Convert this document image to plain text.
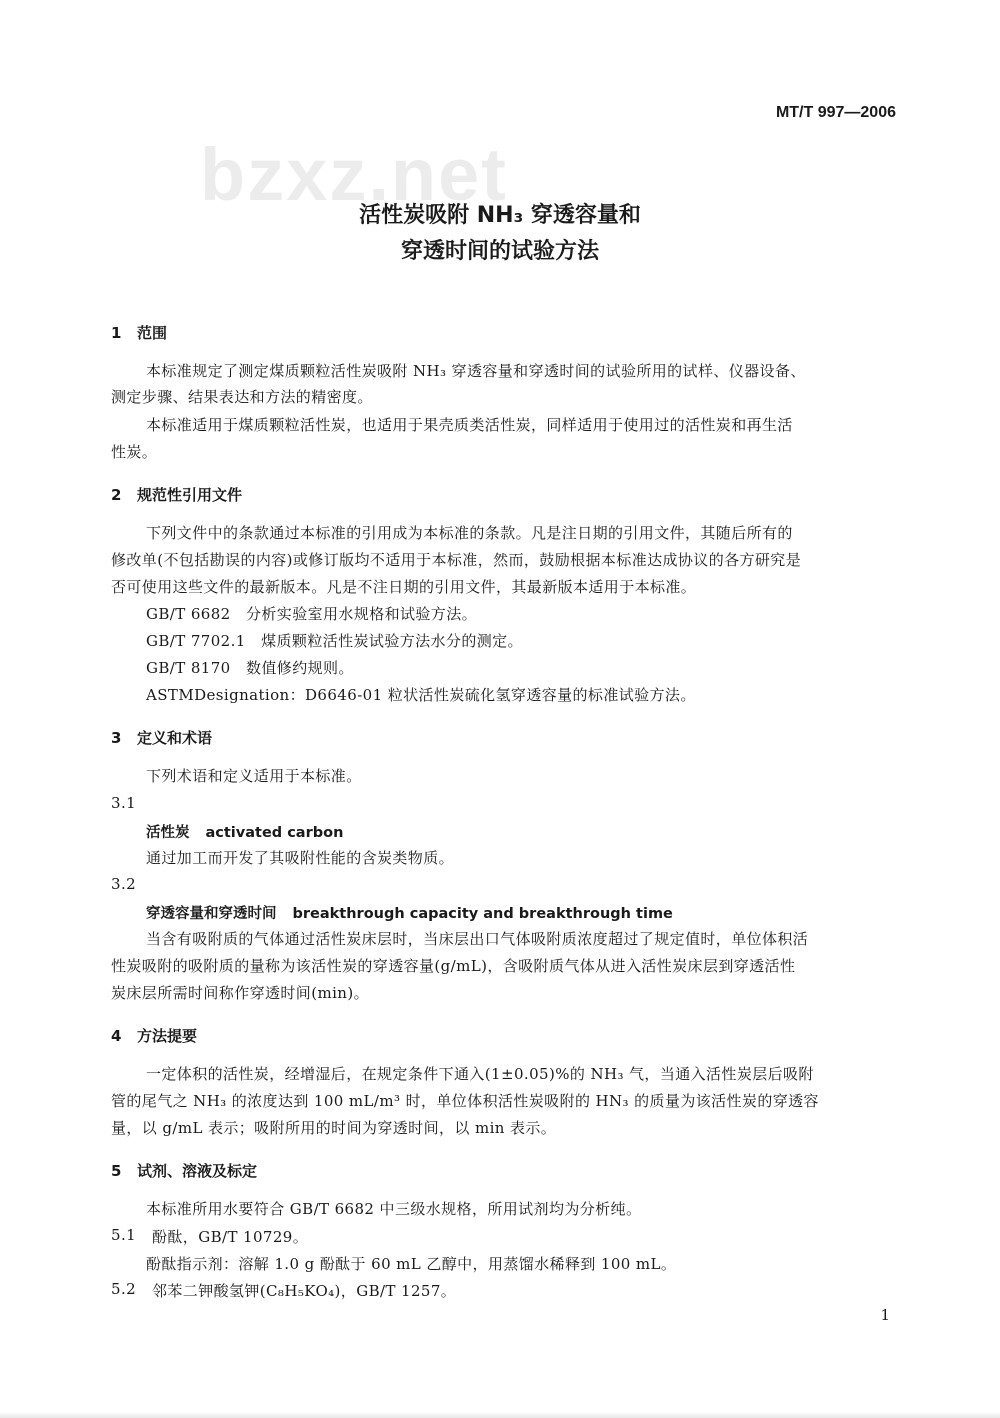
bzxz.net
MT/T 997—2006
活性炭吸附 NH₃ 穿透容量和
穿透时间的试验方法
1 范围
本标准规定了测定煤质颗粒活性炭吸附 NH₃ 穿透容量和穿透时间的试验所用的试样、仪器设备、
测定步骤、结果表达和方法的精密度。
本标准适用于煤质颗粒活性炭，也适用于果壳质类活性炭，同样适用于使用过的活性炭和再生活
性炭。
2 规范性引用文件
下列文件中的条款通过本标准的引用成为本标准的条款。凡是注日期的引用文件，其随后所有的
修改单(不包括勘误的内容)或修订版均不适用于本标准，然而，鼓励根据本标准达成协议的各方研究是
否可使用这些文件的最新版本。凡是不注日期的引用文件，其最新版本适用于本标准。
GB/T 6682　分析实验室用水规格和试验方法。
GB/T 7702.1　煤质颗粒活性炭试验方法水分的测定。
GB/T 8170　数值修约规则。
ASTMDesignation：D6646-01 粒状活性炭硫化氢穿透容量的标准试验方法。
3 定义和术语
下列术语和定义适用于本标准。
3.1
活性炭 activated carbon
通过加工而开发了其吸附性能的含炭类物质。
3.2
穿透容量和穿透时间 breakthrough capacity and breakthrough time
当含有吸附质的气体通过活性炭床层时，当床层出口气体吸附质浓度超过了规定值时，单位体积活
性炭吸附的吸附质的量称为该活性炭的穿透容量(g/mL)，含吸附质气体从进入活性炭床层到穿透活性
炭床层所需时间称作穿透时间(min)。
4 方法提要
一定体积的活性炭，经增湿后，在规定条件下通入(1±0.05)%的 NH₃ 气，当通入活性炭层后吸附
管的尾气之 NH₃ 的浓度达到 100 mL/m³ 时，单位体积活性炭吸附的 HN₃ 的质量为该活性炭的穿透容
量，以 g/mL 表示；吸附所用的时间为穿透时间，以 min 表示。
5 试剂、溶液及标定
本标准所用水要符合 GB/T 6682 中三级水规格，所用试剂均为分析纯。
5.1 酚酞，GB/T 10729。
酚酞指示剂：溶解 1.0 g 酚酞于 60 mL 乙醇中，用蒸馏水稀释到 100 mL。
5.2 邻苯二钾酸氢钾(C₈H₅KO₄)，GB/T 1257。
1
